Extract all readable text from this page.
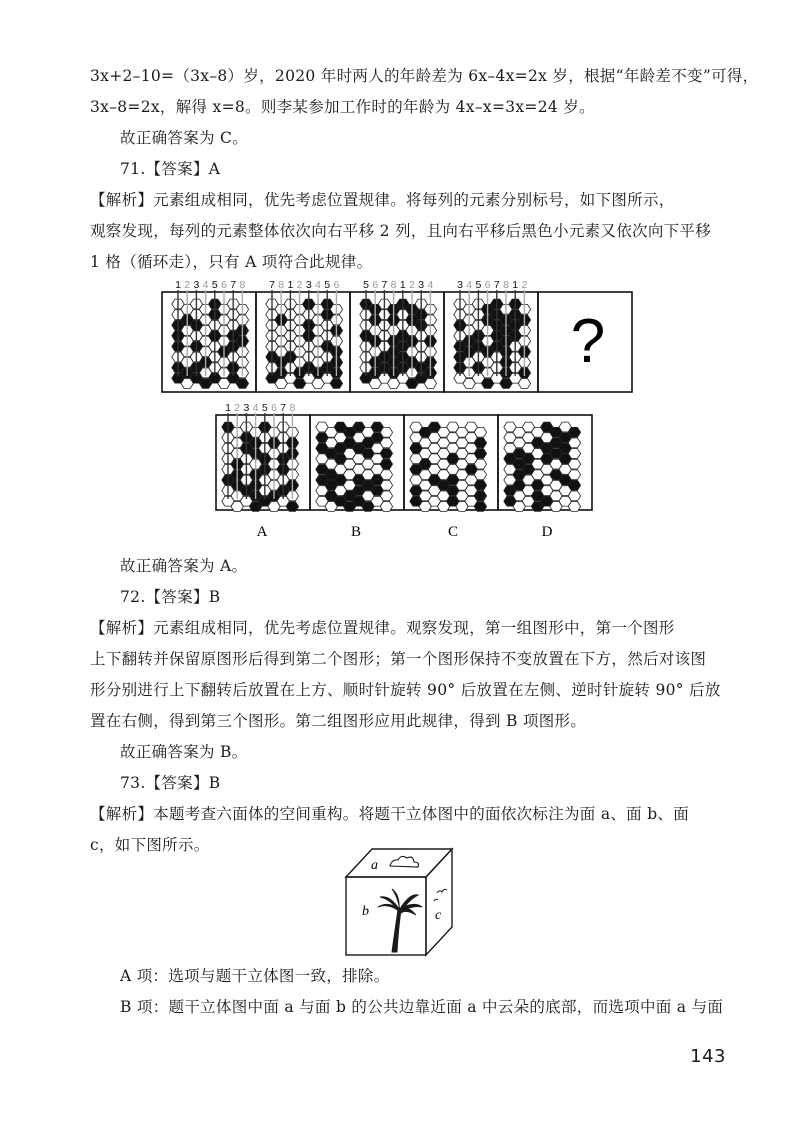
3x+2–10=（3x–8）岁，2020 年时两人的年龄差为 6x–4x=2x 岁，根据“年龄差不变”可得，
3x–8=2x，解得 x=8。则李某参加工作时的年龄为 4x–x=3x=24 岁。
故正确答案为 C。
71.【答案】A
【解析】元素组成相同，优先考虑位置规律。将每列的元素分别标号，如下图所示，
观察发现，每列的元素整体依次向右平移 2 列，且向右平移后黑色小元素又依次向下平移
1 格（循环走），只有 A 项符合此规律。
1 2 3 4 5 6 7 8 7 8 1 2 3 4 5 6 5 6 7 8 1 2 3 4 3 4 5 6 7 8 1 2
1 2 3 4 5 6 7 8
?
A	B	C	D
故正确答案为 A。
72.【答案】B
【解析】元素组成相同，优先考虑位置规律。观察发现，第一组图形中，第一个图形
上下翻转并保留原图形后得到第二个图形；第一个图形保持不变放置在下方，然后对该图
形分别进行上下翻转后放置在上方、顺时针旋转 90° 后放置在左侧、逆时针旋转 90° 后放
置在右侧，得到第三个图形。第二组图形应用此规律，得到 B 项图形。
故正确答案为 B。
73.【答案】B
【解析】本题考查六面体的空间重构。将题干立体图中的面依次标注为面 a、面 b、面
c，如下图所示。
a
b	c
A 项：选项与题干立体图一致，排除。
B 项：题干立体图中面 a 与面 b 的公共边靠近面 a 中云朵的底部，而选项中面 a 与面
143
